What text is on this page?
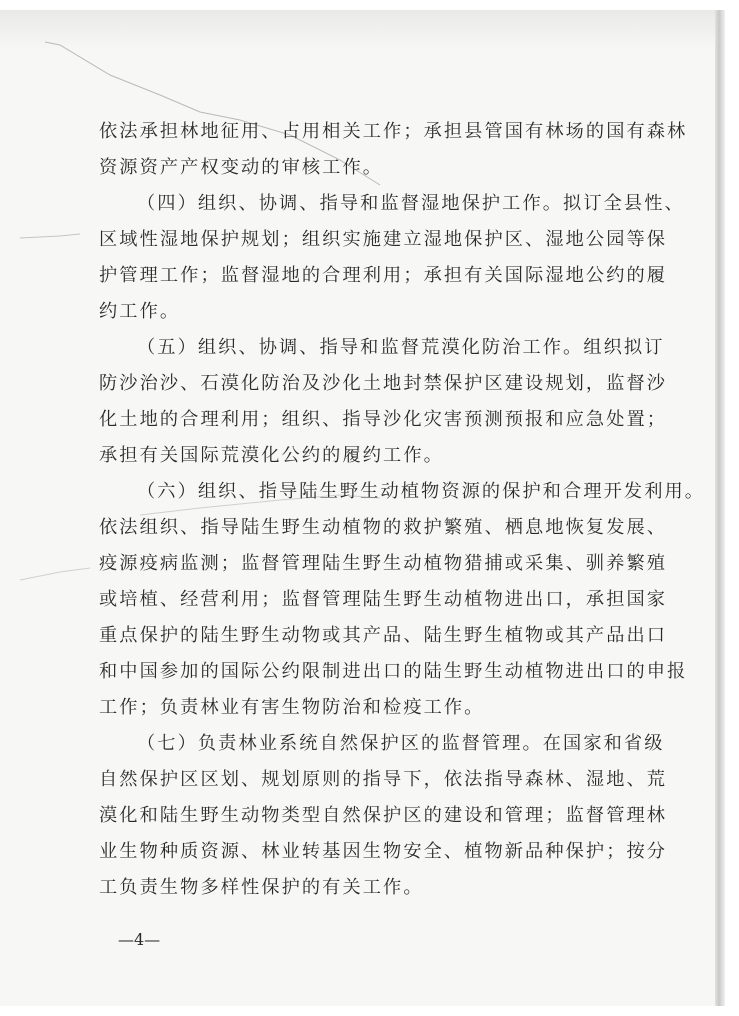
依法承担林地征用、占用相关工作；承担县管国有林场的国有森林
资源资产产权变动的审核工作。
（四）组织、协调、指导和监督湿地保护工作。拟订全县性、
区域性湿地保护规划；组织实施建立湿地保护区、湿地公园等保
护管理工作；监督湿地的合理利用；承担有关国际湿地公约的履
约工作。
（五）组织、协调、指导和监督荒漠化防治工作。组织拟订
防沙治沙、石漠化防治及沙化土地封禁保护区建设规划，监督沙
化土地的合理利用；组织、指导沙化灾害预测预报和应急处置；
承担有关国际荒漠化公约的履约工作。
（六）组织、指导陆生野生动植物资源的保护和合理开发利用。
依法组织、指导陆生野生动植物的救护繁殖、栖息地恢复发展、
疫源疫病监测；监督管理陆生野生动植物猎捕或采集、驯养繁殖
或培植、经营利用；监督管理陆生野生动植物进出口，承担国家
重点保护的陆生野生动物或其产品、陆生野生植物或其产品出口
和中国参加的国际公约限制进出口的陆生野生动植物进出口的申报
工作；负责林业有害生物防治和检疫工作。
（七）负责林业系统自然保护区的监督管理。在国家和省级
自然保护区区划、规划原则的指导下，依法指导森林、湿地、荒
漠化和陆生野生动物类型自然保护区的建设和管理；监督管理林
业生物种质资源、林业转基因生物安全、植物新品种保护；按分
工负责生物多样性保护的有关工作。
—4—
